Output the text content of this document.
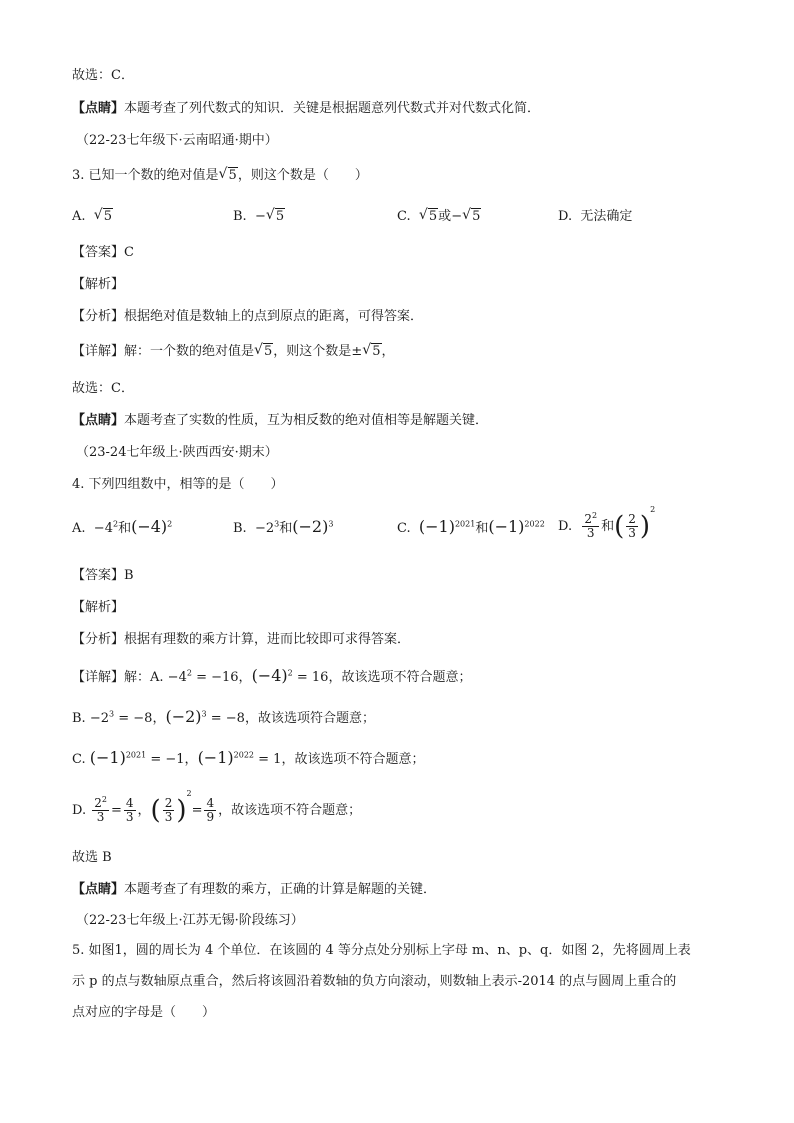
故选：C．
【点睛】本题考查了列代数式的知识．关键是根据题意列代数式并对代数式化简．
（22-23七年级下·云南昭通·期中）
3. 已知一个数的绝对值是 √ 5，则这个数是（　　）
A. √ 5	B. − √ 5	C. √ 5或− √ 5	D. 无法确定
【答案】C
【解析】
【分析】根据绝对值是数轴上的点到原点的距离，可得答案．
【详解】解：一个数的绝对值是 √ 5，则这个数是± √ 5，
故选：C．
【点睛】本题考查了实数的性质，互为相反数的绝对值相等是解题关键．
（23-24七年级上·陕西西安·期末）
4. 下列四组数中，相等的是（　　）
A. $-4^2$和$(-4)^2$	B. $-2^3$和$(-2)^3$	C. $(-1)^{2021}$和$(-1)^{2022}$ D. $\frac{2^2}{3}$ 和( $\frac{2}{3} )^2$
【答案】B
【解析】
【分析】根据有理数的乘方计算，进而比较即可求得答案．
【详解】解：A. $-4^2 = -16$，$(-4)^2 = 16$，故该选项不符合题意；
B. $-2^3 = -8$，$(-2)^3 = -8$，故该选项符合题意；
C. $(-1)^{2021} = -1$，$(-1)^{2022} = 1$，故该选项不符合题意；
D. $\frac{2^2}{3} = \frac{4}{3}$ ，( $\frac{2}{3} )^2= \frac{4}{9}$ ，故该选项不符合题意；
故选 B
【点睛】本题考查了有理数的乘方，正确的计算是解题的关键．
（22-23七年级上·江苏无锡·阶段练习）
5. 如图1，圆的周长为 4 个单位．在该圆的 4 等分点处分别标上字母 m、n、p、q．如图 2，先将圆周上表
示 p 的点与数轴原点重合，然后将该圆沿着数轴的负方向滚动，则数轴上表示-2014 的点与圆周上重合的
点对应的字母是（　　）
